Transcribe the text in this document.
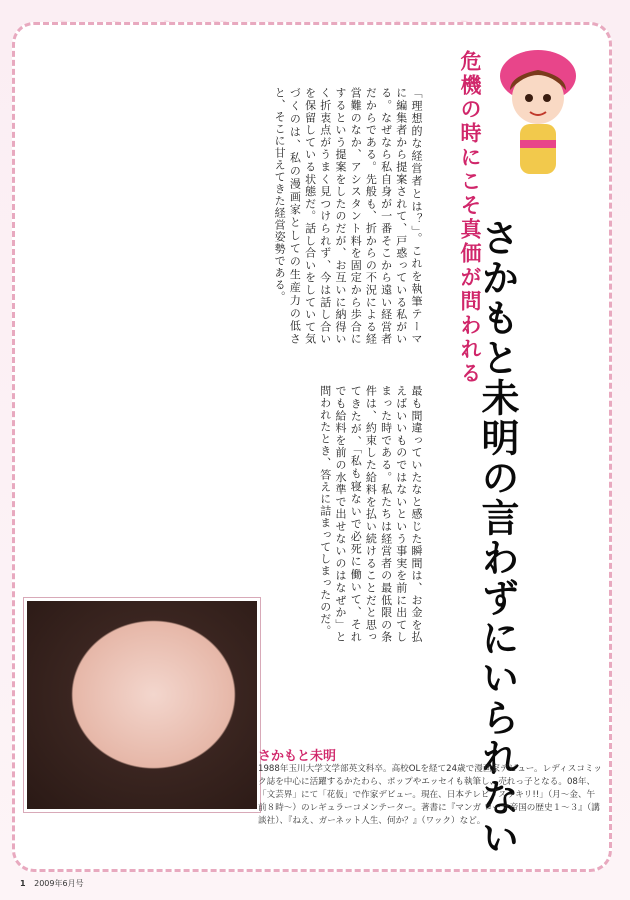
「理想的な経営者とは？」。これを執筆テーマに編集者から提案されて、戸惑っている私がいる。なぜなら私自身が一番そこから遠い経営者だからである。先般も、折からの不況による経営難のなか、アシスタント料を固定から歩合にするという提案をしたのだが、お互いに納得いく折衷点がうまく見つけられず、今は話し合いを保留している状態だ。話し合いをしていて気づくのは、私の漫画家としての生産力の低さと、そこに甘えてきた経営姿勢である。
最も間違っていたなと感じた瞬間は、お金を払えばいいものではないという事実を前に出てしまった時である。私たちは経営者の最低限の条件は、約束した給料を払い続けることだと思ってきたが、「私も寝ないで必死に働いて、それでも給料を前の水準で出せないのはなぜか」と問われたとき、答えに詰まってしまったのだ。
危機の時にこそ真価が問われる
さかもと未明の言わずにいられない
さかもと未明
1988年玉川大学文学部英文科卒。高校OLを経て24歳で漫画家デビュー。レディスコミック誌を中心に活躍するかたわら、ポップやエッセイも執筆し、売れっ子となる。08年、「文芸界」にて「花仮」で作家デビュー。現在、日本テレビ「スッキリ!!」（月～金、午前８時～）のレギュラーコメンテーター。著書に『マンガ ローマ帝国の歴史１～３』（講談社）、『ねえ、ガーネット人生、何か？』（ワック）など。
1 2009年6月号
